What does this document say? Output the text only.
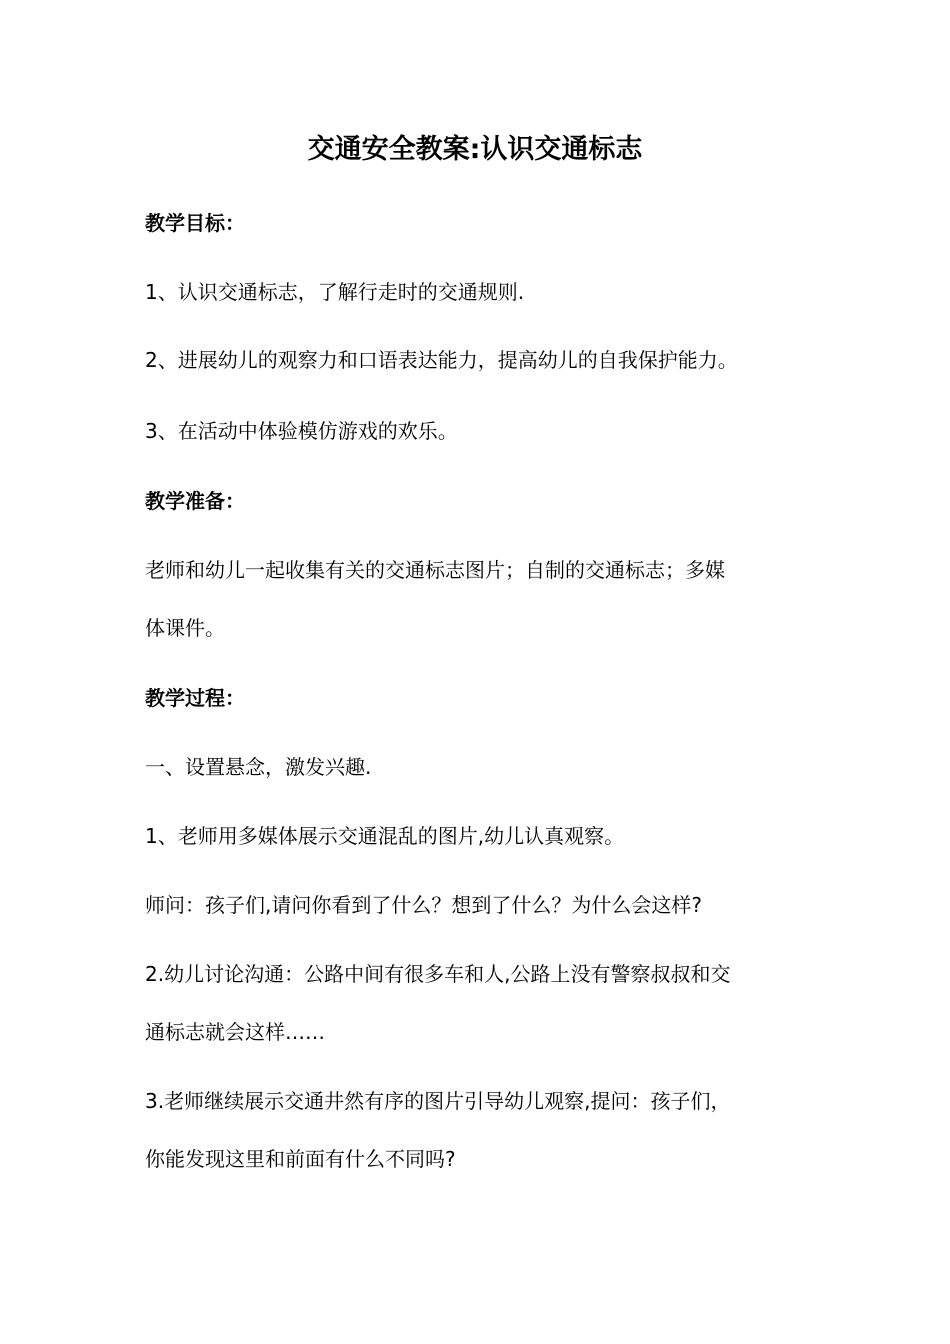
交通安全教案:认识交通标志
教学目标：
1、认识交通标志，了解行走时的交通规则.
2、进展幼儿的观察力和口语表达能力，提高幼儿的自我保护能力。
3、在活动中体验模仿游戏的欢乐。
教学准备：
老师和幼儿一起收集有关的交通标志图片；自制的交通标志；多媒
体课件。
教学过程：
一、设置悬念，激发兴趣.
1、老师用多媒体展示交通混乱的图片,幼儿认真观察。
师问：孩子们,请问你看到了什么？想到了什么？为什么会这样?
2.幼儿讨论沟通：公路中间有很多车和人,公路上没有警察叔叔和交
通标志就会这样……
3.老师继续展示交通井然有序的图片引导幼儿观察,提问：孩子们，
你能发现这里和前面有什么不同吗?
